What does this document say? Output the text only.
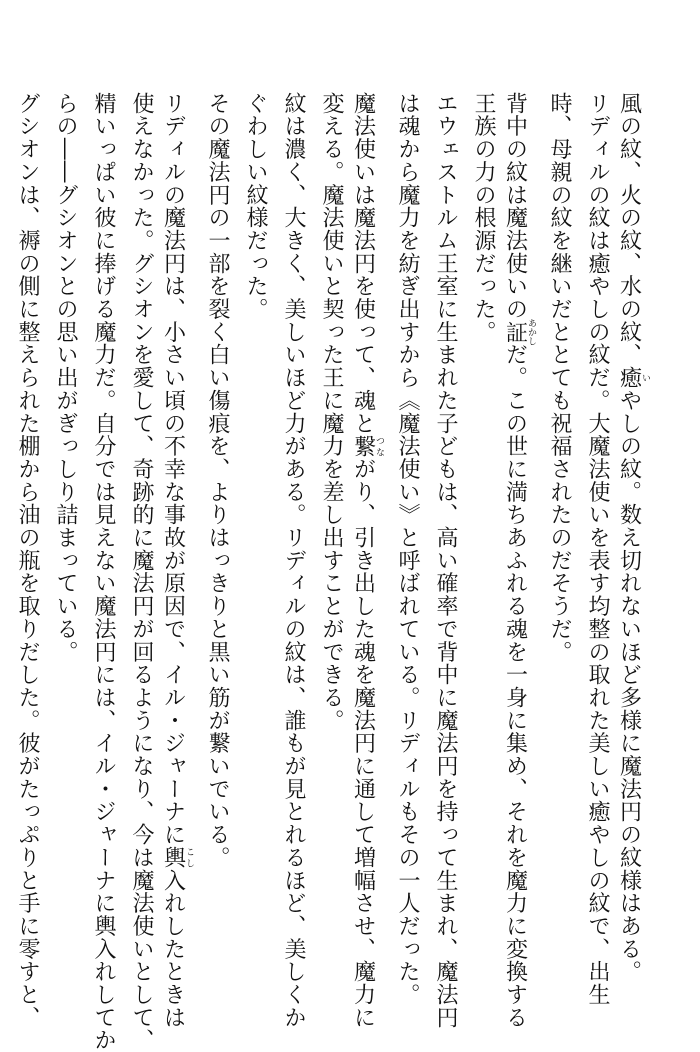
風の紋、火の紋、水の紋、癒いやしの紋。数え切れないほど多様に魔法円の紋様はある。

リディルの紋は癒やしの紋だ。大魔法使いを表す均整の取れた美しい癒やしの紋で、出生

時、母親の紋を継いだととても祝福されたのだそうだ。

背中の紋は魔法使いの証あかしだ。この世に満ちあふれる魂を一身に集め、それを魔力に変換する

王族の力の根源だった。

エウェストルム王室に生まれた子どもは、高い確率で背中に魔法円を持って生まれ、魔法円

は魂から魔力を紡ぎ出すから《魔法使い》と呼ばれている。リディルもその一人だった。

魔法使いは魔法円を使って、魂と繋つながり、引き出した魂を魔法円に通して増幅させ、魔力に

変える。魔法使いと契った王に魔力を差し出すことができる。

紋は濃く、大きく、美しいほど力がある。リディルの紋は、誰もが見とれるほど、美しくか

ぐわしい紋様だった。

その魔法円の一部を裂く白い傷痕を、よりはっきりと黒い筋が繋いでいる。

リディルの魔法円は、小さい頃の不幸な事故が原因で、イル・ジャーナに輿こし入れしたときは

使えなかった。グシオンを愛して、奇跡的に魔法円が回るようになり、今は魔法使いとして、

精いっぱい彼に捧げる魔力だ。自分では見えない魔法円には、イル・ジャーナに輿入れしてか

らの――グシオンとの思い出がぎっしり詰まっている。

グシオンは、褥の側に整えられた棚から油の瓶を取りだした。彼がたっぷりと手に零すと、
